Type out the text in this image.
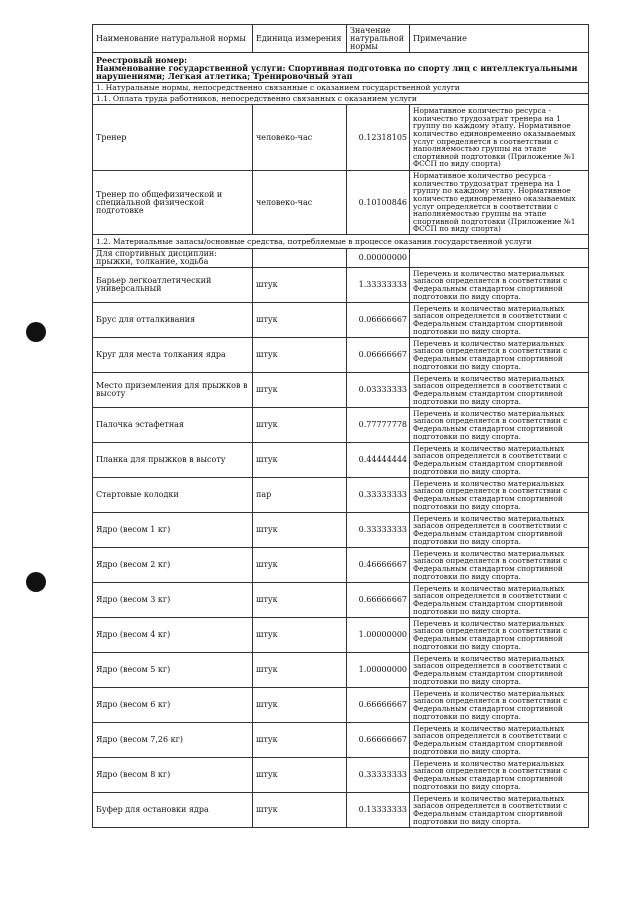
Наименование натуральной нормы	Единица измерения	Значение натуральной нормы	Примечание

Реестровый номер:
Наименование государственной услуги: Спортивная подготовка по спорту лиц с интеллектуальными нарушениями; Легкая атлетика; Тренировочный этап			

1. Натуральные нормы, непосредственно связанные с оказанием государственной услуги			
1.1. Оплата труда работников, непосредственно связанных с оказанием услуги			
Тренер	человеко-час	0.12318105	Нормативное количество ресурса - количество трудозатрат тренера на 1 группу по каждому этапу. Нормативное количество единовременно оказываемых услуг определяется в соответствии с наполняемостью группы на этапе спортивной подготовки (Приложение №1 ФССП по виду спорта)
Тренер по общефизической и специальной физической подготовке	человеко-час	0.10100846	Нормативное количество ресурса - количество трудозатрат тренера на 1 группу по каждому этапу. Нормативное количество единовременно оказываемых услуг определяется в соответствии с наполняемостью группы на этапе спортивной подготовки (Приложение №1 ФССП по виду спорта)
1.2. Материальные запасы/основные средства, потребляемые в процессе оказания государственной услуги			
Для спортивных дисциплин: прыжки, толкание, ходьба		0.00000000	
Барьер легкоатлетический универсальный	штук	1.33333333	Перечень и количество материальных запасов определяется в соответствии с Федеральным стандартом спортивной подготовки по виду спорта.
Брус для отталкивания	штук	0.06666667	Перечень и количество материальных запасов определяется в соответствии с Федеральным стандартом спортивной подготовки по виду спорта.
Круг для места толкания ядра	штук	0.06666667	Перечень и количество материальных запасов определяется в соответствии с Федеральным стандартом спортивной подготовки по виду спорта.
Место приземления для прыжков в высоту	штук	0.03333333	Перечень и количество материальных запасов определяется в соответствии с Федеральным стандартом спортивной подготовки по виду спорта.
Палочка эстафетная	штук	0.77777778	Перечень и количество материальных запасов определяется в соответствии с Федеральным стандартом спортивной подготовки по виду спорта.
Планка для прыжков в высоту	штук	0.44444444	Перечень и количество материальных запасов определяется в соответствии с Федеральным стандартом спортивной подготовки по виду спорта.
Стартовые колодки	пар	0.33333333	Перечень и количество материальных запасов определяется в соответствии с Федеральным стандартом спортивной подготовки по виду спорта.
Ядро (весом 1 кг)	штук	0.33333333	Перечень и количество материальных запасов определяется в соответствии с Федеральным стандартом спортивной подготовки по виду спорта.
Ядро (весом 2 кг)	штук	0.46666667	Перечень и количество материальных запасов определяется в соответствии с Федеральным стандартом спортивной подготовки по виду спорта.
Ядро (весом 3 кг)	штук	0.66666667	Перечень и количество материальных запасов определяется в соответствии с Федеральным стандартом спортивной подготовки по виду спорта.
Ядро (весом 4 кг)	штук	1.00000000	Перечень и количество материальных запасов определяется в соответствии с Федеральным стандартом спортивной подготовки по виду спорта.
Ядро (весом 5 кг)	штук	1.00000000	Перечень и количество материальных запасов определяется в соответствии с Федеральным стандартом спортивной подготовки по виду спорта.
Ядро (весом 6 кг)	штук	0.66666667	Перечень и количество материальных запасов определяется в соответствии с Федеральным стандартом спортивной подготовки по виду спорта.
Ядро (весом 7,26 кг)	штук	0.66666667	Перечень и количество материальных запасов определяется в соответствии с Федеральным стандартом спортивной подготовки по виду спорта.
Ядро (весом 8 кг)	штук	0.33333333	Перечень и количество материальных запасов определяется в соответствии с Федеральным стандартом спортивной подготовки по виду спорта.
Буфер для остановки ядра	штук	0.13333333	Перечень и количество материальных запасов определяется в соответствии с Федеральным стандартом спортивной подготовки по виду спорта.
